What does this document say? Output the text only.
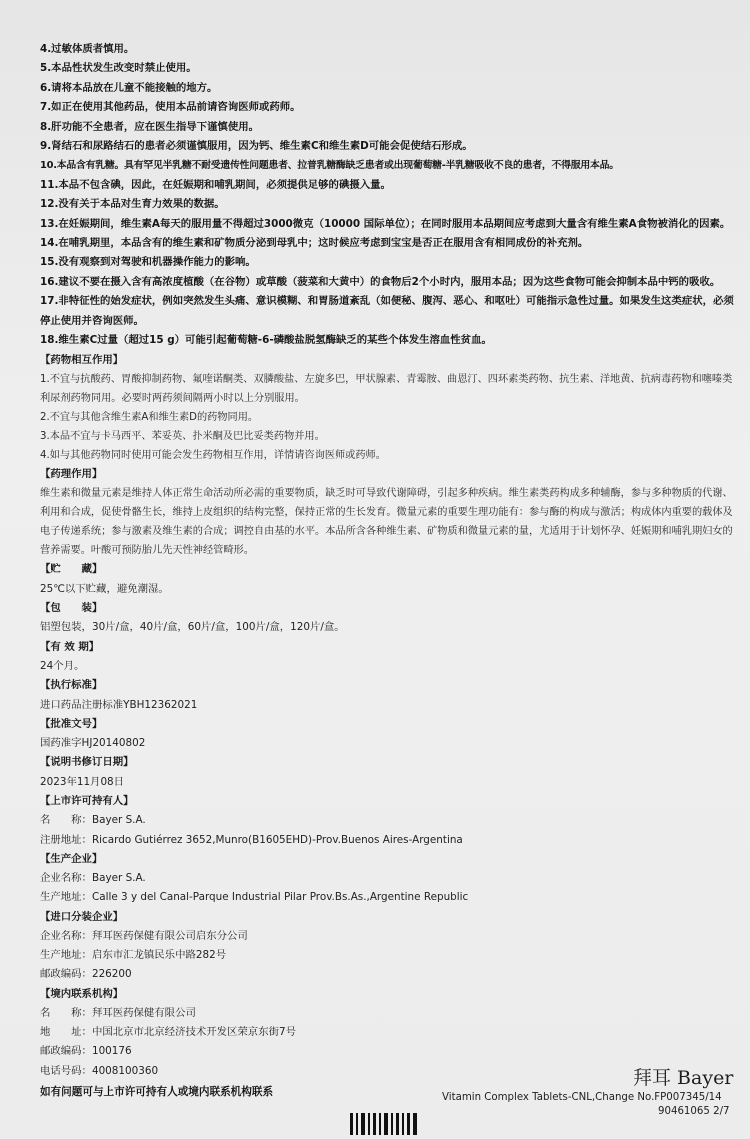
4.过敏体质者慎用。
5.本品性状发生改变时禁止使用。
6.请将本品放在儿童不能接触的地方。
7.如正在使用其他药品，使用本品前请咨询医师或药师。
8.肝功能不全患者，应在医生指导下谨慎使用。
9.肾结石和尿路结石的患者必须谨慎服用，因为钙、维生素C和维生素D可能会促使结石形成。
10.本品含有乳糖。具有罕见半乳糖不耐受遗传性问题患者、拉普乳糖酶缺乏患者或出现葡萄糖-半乳糖吸收不良的患者，不得服用本品。
11.本品不包含碘，因此，在妊娠期和哺乳期间，必须提供足够的碘摄入量。
12.没有关于本品对生育力效果的数据。
13.在妊娠期间，维生素A每天的服用量不得超过3000微克（10000 国际单位）；在同时服用本品期间应考虑到大量含有维生素A食物被消化的因素。
14.在哺乳期里，本品含有的维生素和矿物质分泌到母乳中；这时候应考虑到宝宝是否正在服用含有相同成份的补充剂。
15.没有观察到对驾驶和机器操作能力的影响。
16.建议不要在摄入含有高浓度植酸（在谷物）或草酸（菠菜和大黄中）的食物后2个小时内，服用本品；因为这些食物可能会抑制本品中钙的吸收。
17.非特征性的始发症状，例如突然发生头痛、意识模糊、和胃肠道紊乱（如便秘、腹泻、恶心、和呕吐）可能指示急性过量。如果发生这类症状，必须停止使用并咨询医师。
18.维生素C过量（超过15 g）可能引起葡萄糖-6-磷酸盐脱氢酶缺乏的某些个体发生溶血性贫血。
【药物相互作用】
1.不宜与抗酸药、胃酸抑制药物、氟喹诺酮类、双膦酸盐、左旋多巴，甲状腺素、青霉胺、曲恩汀、四环素类药物、抗生素、洋地黄、抗病毒药物和噻嗪类利尿剂药物同用。必要时两药须间隔两小时以上分别服用。
2.不宜与其他含维生素A和维生素D的药物同用。
3.本品不宜与卡马西平、苯妥英、扑米酮及巴比妥类药物并用。
4.如与其他药物同时使用可能会发生药物相互作用，详情请咨询医师或药师。
【药理作用】
维生素和微量元素是维持人体正常生命活动所必需的重要物质，缺乏时可导致代谢障碍，引起多种疾病。维生素类药构成多种辅酶，参与多种物质的代谢、利用和合成，促使骨骼生长，维持上皮组织的结构完整，保持正常的生长发育。微量元素的重要生理功能有：参与酶的构成与激活；构成体内重要的载体及电子传递系统；参与激素及维生素的合成；调控自由基的水平。本品所含各种维生素、矿物质和微量元素的量，尤适用于计划怀孕、妊娠期和哺乳期妇女的营养需要。叶酸可预防胎儿先天性神经管畸形。
【贮　　藏】
25℃以下贮藏，避免潮湿。
【包　　装】
铝塑包装，30片/盒，40片/盒，60片/盒，100片/盒，120片/盒。
【有 效 期】
24个月。
【执行标准】
进口药品注册标准YBH12362021
【批准文号】
国药准字HJ20140802
【说明书修订日期】
2023年11月08日
【上市许可持有人】
名　　称：Bayer S.A.
注册地址：Ricardo Gutiérrez 3652,Munro(B1605EHD)-Prov.Buenos Aires-Argentina
【生产企业】
企业名称：Bayer S.A.
生产地址：Calle 3 y del Canal-Parque Industrial Pilar Prov.Bs.As.,Argentine Republic
【进口分装企业】
企业名称：拜耳医药保健有限公司启东分公司
生产地址：启东市汇龙镇民乐中路282号
邮政编码：226200
【境内联系机构】
名　　称：拜耳医药保健有限公司
地　　址：中国北京市北京经济技术开发区荣京东街7号
邮政编码：100176
电话号码：4008100360
如有问题可与上市许可持有人或境内联系机构联系
拜耳 Bayer
Vitamin Complex Tablets-CNL,Change No.FP007345/14
90461065 2/7
